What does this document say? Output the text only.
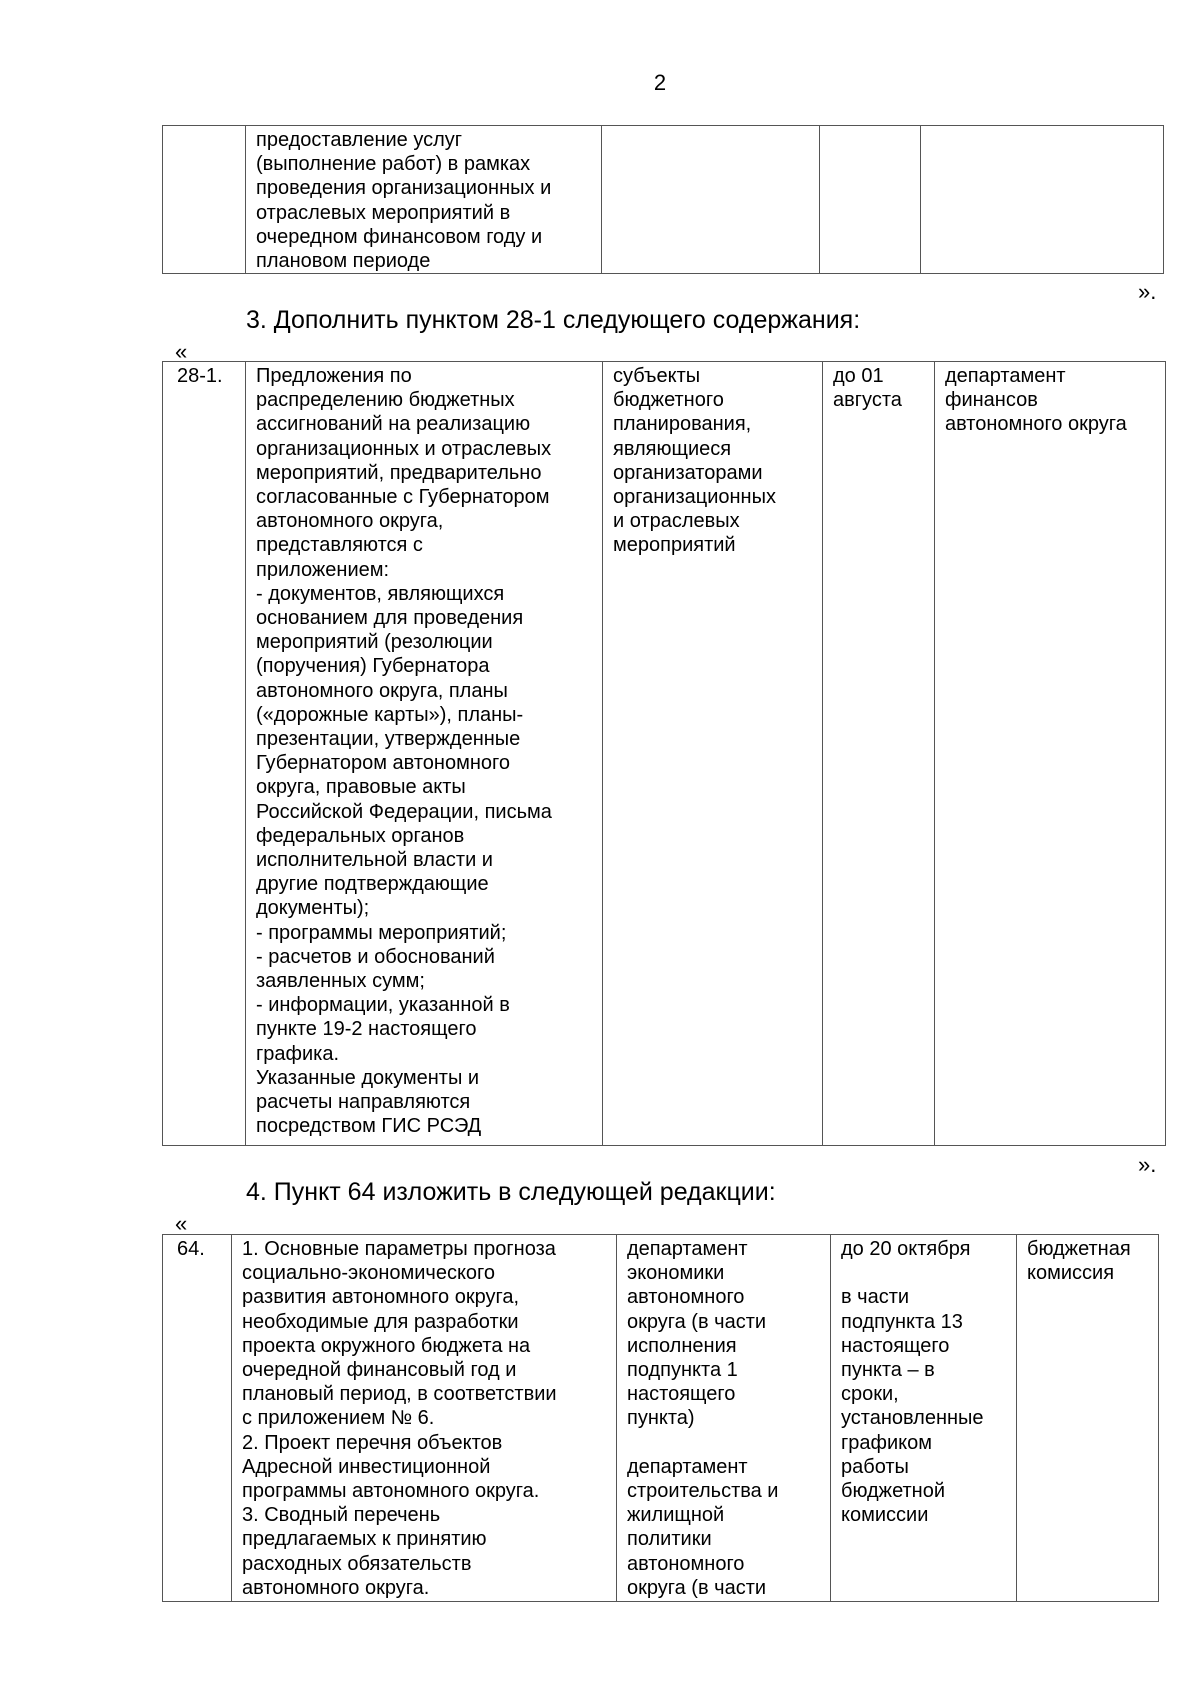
2
	предоставление услуг
(выполнение работ) в рамках
проведения организационных и
отраслевых мероприятий в
очередном финансовом году и
плановом периоде			
».
3. Дополнить пунктом 28-1 следующего содержания:
«
28-1.	Предложения по
распределению бюджетных
ассигнований на реализацию
организационных и отраслевых
мероприятий, предварительно
согласованные с Губернатором
автономного округа,
представляются с
приложением:
- документов, являющихся
основанием для проведения
мероприятий (резолюции
(поручения) Губернатора
автономного округа, планы
(«дорожные карты»), планы-
презентации, утвержденные
Губернатором автономного
округа, правовые акты
Российской Федерации, письма
федеральных органов
исполнительной власти и
другие подтверждающие
документы);
- программы мероприятий;
- расчетов и обоснований
заявленных сумм;
- информации, указанной в
пункте 19-2 настоящего
графика.
Указанные документы и
расчеты направляются
посредством ГИС РСЭД	субъекты
бюджетного
планирования,
являющиеся
организаторами
организационных
и отраслевых
мероприятий	до 01
августа	департамент
финансов
автономного округа
».
4. Пункт 64 изложить в следующей редакции:
«
64.	1. Основные параметры прогноза
социально-экономического
развития автономного округа,
необходимые для разработки
проекта окружного бюджета на
очередной финансовый год и
плановый период, в соответствии
с приложением № 6.
2. Проект перечня объектов
Адресной инвестиционной
программы автономного округа.
3. Сводный перечень
предлагаемых к принятию
расходных обязательств
автономного округа.	департамент
экономики
автономного
округа (в части
исполнения
подпункта 1
настоящего
пункта)

департамент
строительства и
жилищной
политики
автономного
округа (в части	до 20 октября

в части
подпункта 13
настоящего
пункта – в
сроки,
установленные
графиком
работы
бюджетной
комиссии	бюджетная
комиссия
